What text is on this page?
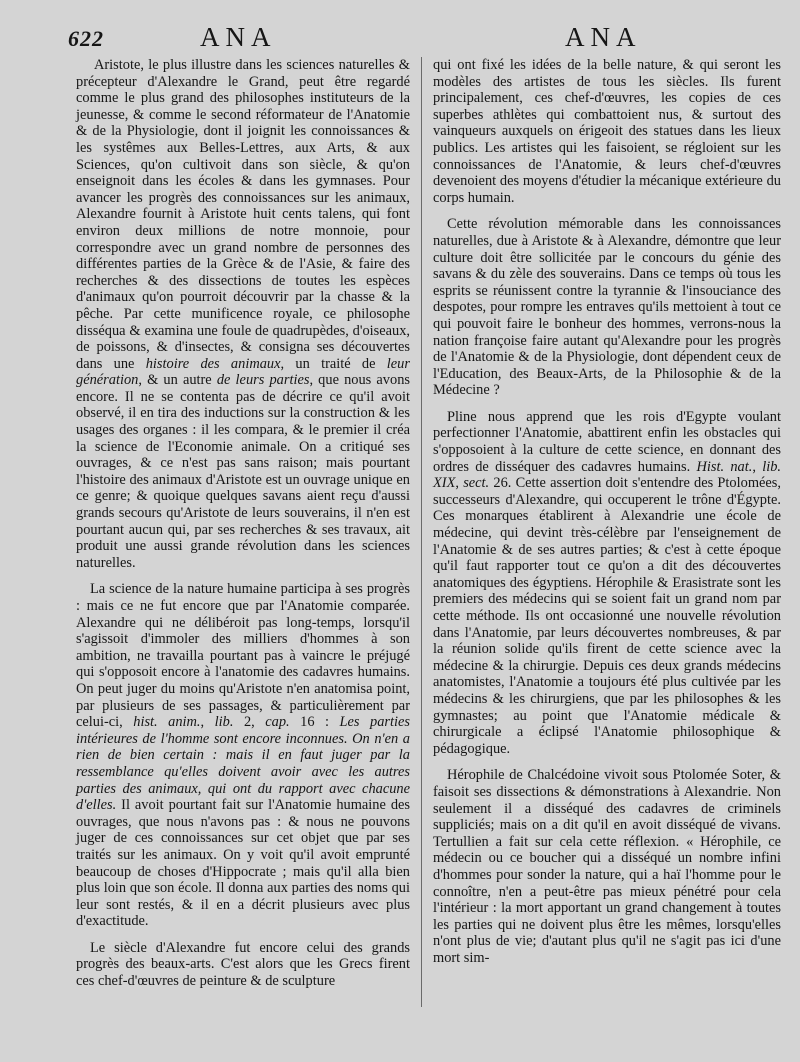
622	ANA	ANA

Aristote, le plus illustre dans les sciences naturelles & précepteur d'Alexandre le Grand, peut être regardé comme le plus grand des philosophes instituteurs de la jeunesse, & comme le second réformateur de l'Anatomie & de la Physiologie, dont il joignit les connoissances & les systêmes aux Belles-Lettres, aux Arts, & aux Sciences, qu'on cultivoit dans son siècle, & qu'on enseignoit dans les écoles & dans les gymnases. Pour avancer les progrès des connoissances sur les animaux, Alexandre fournit à Aristote huit cents talens, qui font environ deux millions de notre monnoie, pour correspondre avec un grand nombre de personnes des différentes parties de la Grèce & de l'Asie, & faire des recherches & des dissections de toutes les espèces d'animaux qu'on pourroit découvrir par la chasse & la pêche. Par cette munificence royale, ce philosophe disséqua & examina une foule de quadrupèdes, d'oiseaux, de poissons, & d'insectes, & consigna ses découvertes dans une histoire des animaux, un traité de leur génération, & un autre de leurs parties, que nous avons encore. Il ne se contenta pas de décrire ce qu'il avoit observé, il en tira des inductions sur la construction & les usages des organes : il les compara, & le premier il créa la science de l'Economie animale. On a critiqué ses ouvrages, & ce n'est pas sans raison; mais pourtant l'histoire des animaux d'Aristote est un ouvrage unique en ce genre; & quoique quelques savans aient reçu d'aussi grands secours qu'Aristote de leurs souverains, il n'en est pourtant aucun qui, par ses recherches & ses travaux, ait produit une aussi grande révolution dans les sciences naturelles.

La science de la nature humaine participa à ses progrès : mais ce ne fut encore que par l'Anatomie comparée. Alexandre qui ne délibéroit pas long-temps, lorsqu'il s'agissoit d'immoler des milliers d'hommes à son ambition, ne travailla pourtant pas à vaincre le préjugé qui s'opposoit encore à l'anatomie des cadavres humains. On peut juger du moins qu'Aristote n'en anatomisa point, par plusieurs de ses passages, & particulièrement par celui-ci, hist. anim., lib. 2, cap. 16 : Les parties intérieures de l'homme sont encore inconnues. On n'en a rien de bien certain : mais il en faut juger par la ressemblance qu'elles doivent avoir avec les autres parties des animaux, qui ont du rapport avec chacune d'elles. Il avoit pourtant fait sur l'Anatomie humaine des ouvrages, que nous n'avons pas : & nous ne pouvons juger de ces connoissances sur cet objet que par ses traités sur les animaux. On y voit qu'il avoit emprunté beaucoup de choses d'Hippocrate ; mais qu'il alla bien plus loin que son école. Il donna aux parties des noms qui leur sont restés, & il en a décrit plusieurs avec plus d'exactitude.

Le siècle d'Alexandre fut encore celui des grands progrès des beaux-arts. C'est alors que les Grecs firent ces chef-d'œuvres de peinture & de sculpture

qui ont fixé les idées de la belle nature, & qui seront les modèles des artistes de tous les siècles. Ils furent principalement, ces chef-d'œuvres, les copies de ces superbes athlètes qui combattoient nus, & surtout des vainqueurs auxquels on érigeoit des statues dans les lieux publics. Les artistes qui les faisoient, se régloient sur les connoissances de l'Anatomie, & leurs chef-d'œuvres devenoient des moyens d'étudier la mécanique extérieure du corps humain.

Cette révolution mémorable dans les connoissances naturelles, due à Aristote & à Alexandre, démontre que leur culture doit être sollicitée par le concours du génie des savans & du zèle des souverains. Dans ce temps où tous les esprits se réunissent contre la tyrannie & l'insouciance des despotes, pour rompre les entraves qu'ils mettoient à tout ce qui pouvoit faire le bonheur des hommes, verrons-nous la nation françoise faire autant qu'Alexandre pour les progrès de l'Anatomie & de la Physiologie, dont dépendent ceux de l'Education, des Beaux-Arts, de la Philosophie & de la Médecine ?

Pline nous apprend que les rois d'Egypte voulant perfectionner l'Anatomie, abattirent enfin les obstacles qui s'opposoient à la culture de cette science, en donnant des ordres de disséquer des cadavres humains. Hist. nat., lib. XIX, sect. 26. Cette assertion doit s'entendre des Ptolomées, successeurs d'Alexandre, qui occuperent le trône d'Égypte. Ces monarques établirent à Alexandrie une école de médecine, qui devint très-célèbre par l'enseignement de l'Anatomie & de ses autres parties; & c'est à cette époque qu'il faut rapporter tout ce qu'on a dit des découvertes anatomiques des égyptiens. Hérophile & Erasistrate sont les premiers des médecins qui se soient fait un grand nom par cette méthode. Ils ont occasionné une nouvelle révolution dans l'Anatomie, par leurs découvertes nombreuses, & par la réunion solide qu'ils firent de cette science avec la médecine & la chirurgie. Depuis ces deux grands médecins anatomistes, l'Anatomie a toujours été plus cultivée par les médecins & les chirurgiens, que par les philosophes & les gymnastes; au point que l'Anatomie médicale & chirurgicale a éclipsé l'Anatomie philosophique & pédagogique.

Hérophile de Chalcédoine vivoit sous Ptolomée Soter, & faisoit ses dissections & démonstrations à Alexandrie. Non seulement il a disséqué des cadavres de criminels suppliciés; mais on a dit qu'il en avoit disséqué de vivans. Tertullien a fait sur cela cette réflexion. « Hérophile, ce médecin ou ce boucher qui a disséqué un nombre infini d'hommes pour sonder la nature, qui a haï l'homme pour le connoître, n'en a peut-être pas mieux pénétré pour cela l'intérieur : la mort apportant un grand changement à toutes les parties qui ne doivent plus être les mêmes, lorsqu'elles n'ont plus de vie; d'autant plus qu'il ne s'agit pas ici d'une mort sim-
